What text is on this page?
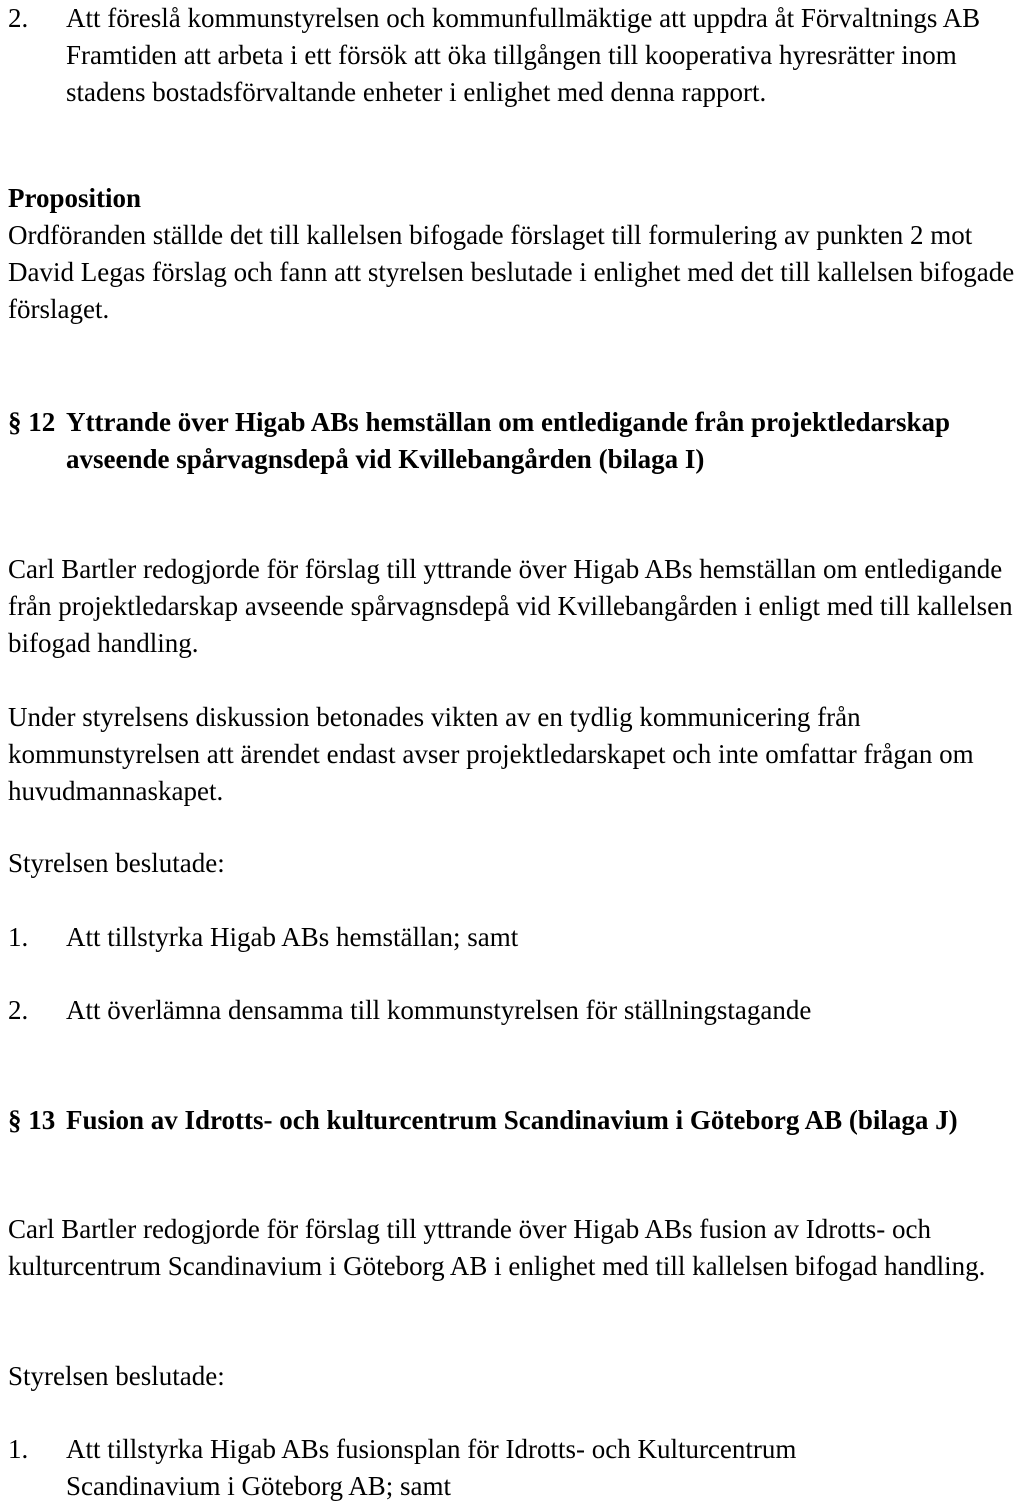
2. Att föreslå kommunstyrelsen och kommunfullmäktige att uppdra åt Förvaltnings AB Framtiden att arbeta i ett försök att öka tillgången till kooperativa hyresrätter inom stadens bostadsförvaltande enheter i enlighet med denna rapport.

Proposition

Ordföranden ställde det till kallelsen bifogade förslaget till formulering av punkten 2 mot David Legas förslag och fann att styrelsen beslutade i enlighet med det till kallelsen bifogade förslaget.

§ 12 Yttrande över Higab ABs hemställan om entledigande från projektledarskap avseende spårvagnsdepå vid Kvillebangården (bilaga I)

Carl Bartler redogjorde för förslag till yttrande över Higab ABs hemställan om entledigande från projektledarskap avseende spårvagnsdepå vid Kvillebangården i enligt med till kallelsen bifogad handling.

Under styrelsens diskussion betonades vikten av en tydlig kommunicering från kommunstyrelsen att ärendet endast avser projektledarskapet och inte omfattar frågan om huvudmannaskapet.

Styrelsen beslutade:

1. Att tillstyrka Higab ABs hemställan; samt
2. Att överlämna densamma till kommunstyrelsen för ställningstagande
§ 13 Fusion av Idrotts- och kulturcentrum Scandinavium i Göteborg AB (bilaga J)

Carl Bartler redogjorde för förslag till yttrande över Higab ABs fusion av Idrotts- och kulturcentrum Scandinavium i Göteborg AB i enlighet med till kallelsen bifogad handling.

Styrelsen beslutade:

1. Att tillstyrka Higab ABs fusionsplan för Idrotts- och Kulturcentrum Scandinavium i Göteborg AB; samt
